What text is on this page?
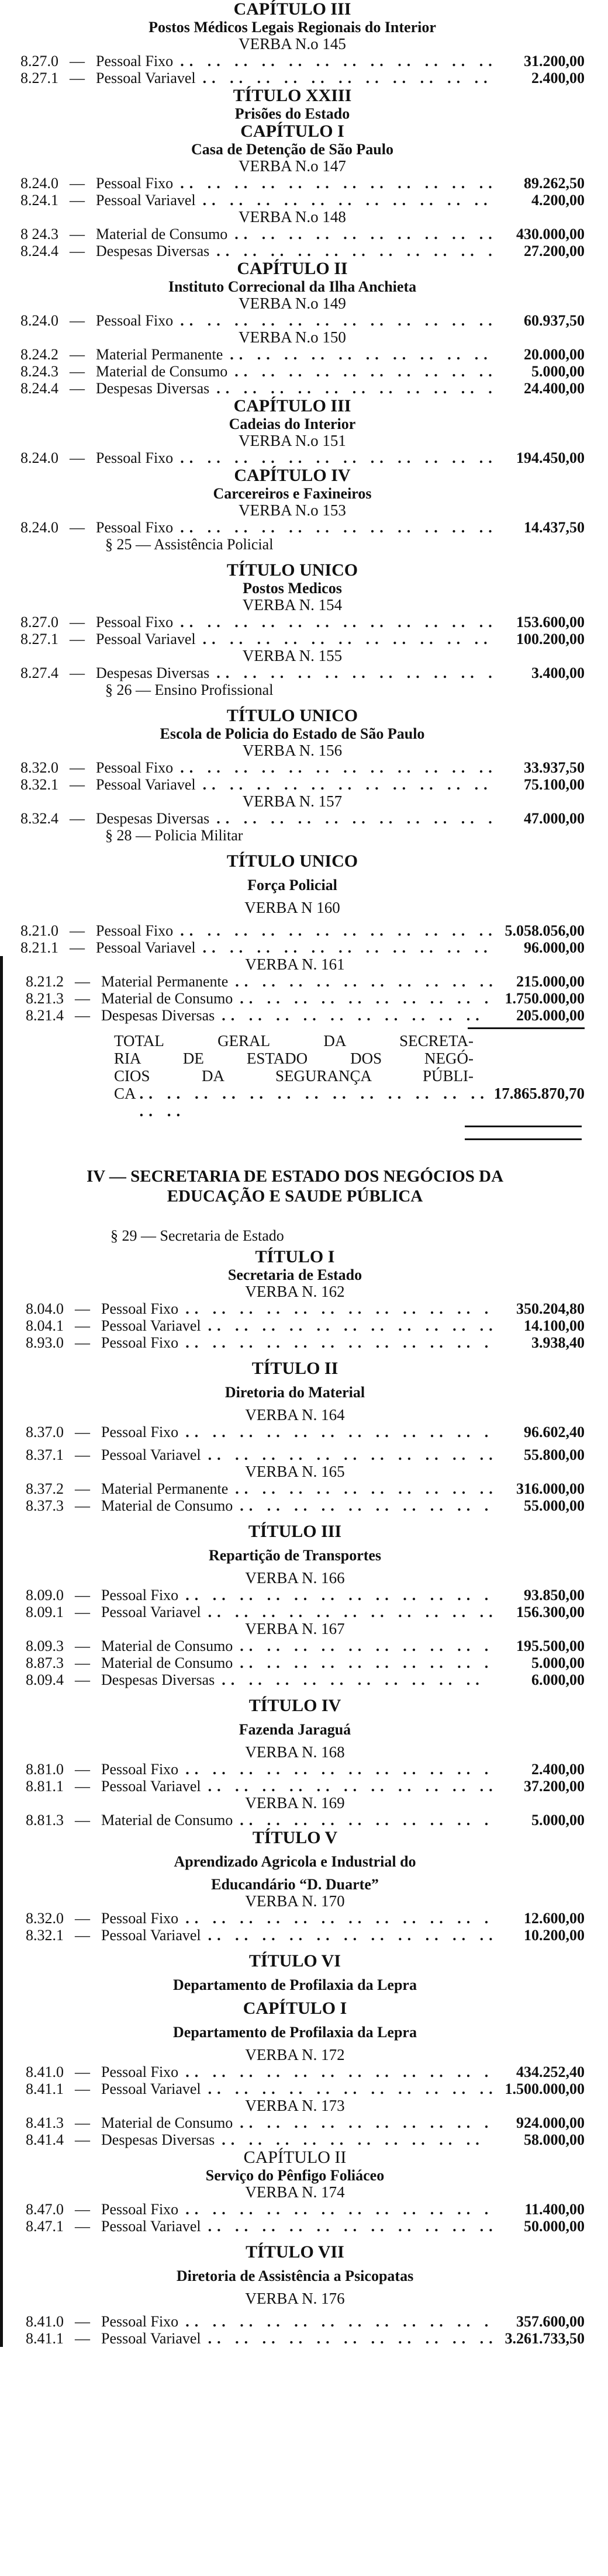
CAPÍTULO III
Postos Médicos Legais Regionais do Interior
VERBA N.o 145
8.27.0 — Pessoal Fixo .. ..	31.200,00
8.27.1 — Pessoal Variavel .. ..	2.400,00
TÍTULO XXIII
Prisões do Estado
CAPÍTULO I
Casa de Detenção de São Paulo
VERBA N.o 147
8.24.0 — Pessoal Fixo .. ..	89.262,50
8.24.1 — Pessoal Variavel .. ..	4.200,00
VERBA N.o 148
8 24.3 — Material de Consumo .. ..	430.000,00
8.24.4 — Despesas Diversas .. ..	27.200,00
CAPÍTULO II
Instituto Correcional da Ilha Anchieta
VERBA N.o 149
8.24.0 — Pessoal Fixo .. ..	60.937,50
VERBA N.o 150
8.24.2 — Material Permanente .. ..	20.000,00
8.24.3 — Material de Consumo .. ..	5.000,00
8.24.4 — Despesas Diversas .. ..	24.400,00
CAPÍTULO III
Cadeias do Interior
VERBA N.o 151
8.24.0 — Pessoal Fixo .. ..	194.450,00
CAPÍTULO IV
Carcereiros e Faxineiros
VERBA N.o 153
8.24.0 — Pessoal Fixo .. ..	14.437,50
§ 25 — Assistência Policial
TÍTULO UNICO
Postos Medicos
VERBA N. 154
8.27.0 — Pessoal Fixo .. ..	153.600,00
8.27.1 — Pessoal Variavel .. ..	100.200,00
VERBA N. 155
8.27.4 — Despesas Diversas .. ..	3.400,00
§ 26 — Ensino Profissional
TÍTULO UNICO
Escola de Policia do Estado de São Paulo
VERBA N. 156
8.32.0 — Pessoal Fixo .. ..	33.937,50
8.32.1 — Pessoal Variavel .. ..	75.100,00
VERBA N. 157
8.32.4 — Despesas Diversas .. ..	47.000,00
§ 28 — Policia Militar
TÍTULO UNICO
Força Policial
VERBA N 160
8.21.0 — Pessoal Fixo .. ..	5.058.056,00
8.21.1 — Pessoal Variavel .. ..	96.000,00
VERBA N. 161
8.21.2 — Material Permanente .. ..	215.000,00
8.21.3 — Material de Consumo .. ..	1.750.000,00
8.21.4 — Despesas Diversas .. ..	205.000,00
TOTAL GERAL DA SECRETA-
RIA DE ESTADO DOS NEGÓ-
CIOS DA SEGURANÇA PÚBLI-
CA .. ..	17.865.870,70
IV — SECRETARIA DE ESTADO DOS NEGÓCIOS DA
EDUCAÇÃO E SAUDE PÚBLICA
§ 29 — Secretaria de Estado
TÍTULO I
Secretaria de Estado
VERBA N. 162
8.04.0 — Pessoal Fixo .. ..	350.204,80
8.04.1 — Pessoal Variavel .. ..	14.100,00
8.93.0 — Pessoal Fixo .. ..	3.938,40
TÍTULO II
Diretoria do Material
VERBA N. 164
8.37.0 — Pessoal Fixo .. ..	96.602,40
8.37.1 — Pessoal Variavel .. ..	55.800,00
VERBA N. 165
8.37.2 — Material Permanente .. ..	316.000,00
8.37.3 — Material de Consumo .. ..	55.000,00
TÍTULO III
Repartição de Transportes
VERBA N. 166
8.09.0 — Pessoal Fixo .. ..	93.850,00
8.09.1 — Pessoal Variavel .. ..	156.300,00
VERBA N. 167
8.09.3 — Material de Consumo .. ..	195.500,00
8.87.3 — Material de Consumo .. ..	5.000,00
8.09.4 — Despesas Diversas .. ..	6.000,00
TÍTULO IV
Fazenda Jaraguá
VERBA N. 168
8.81.0 — Pessoal Fixo .. ..	2.400,00
8.81.1 — Pessoal Variavel .. ..	37.200,00
VERBA N. 169
8.81.3 — Material de Consumo .. ..	5.000,00
TÍTULO V
Aprendizado Agricola e Industrial do
Educandário “D. Duarte”
VERBA N. 170
8.32.0 — Pessoal Fixo .. ..	12.600,00
8.32.1 — Pessoal Variavel .. ..	10.200,00
TÍTULO VI
Departamento de Profilaxia da Lepra
CAPÍTULO I
Departamento de Profilaxia da Lepra
VERBA N. 172
8.41.0 — Pessoal Fixo .. ..	434.252,40
8.41.1 — Pessoal Variavel .. ..	1.500.000,00
VERBA N. 173
8.41.3 — Material de Consumo .. ..	924.000,00
8.41.4 — Despesas Diversas .. ..	58.000,00
CAPÍTULO II
Serviço do Pênfigo Foliáceo
VERBA N. 174
8.47.0 — Pessoal Fixo .. ..	11.400,00
8.47.1 — Pessoal Variavel .. ..	50.000,00
TÍTULO VII
Diretoria de Assistência a Psicopatas
VERBA N. 176
8.41.0 — Pessoal Fixo .. ..	357.600,00
8.41.1 — Pessoal Variavel .. ..	3.261.733,50
